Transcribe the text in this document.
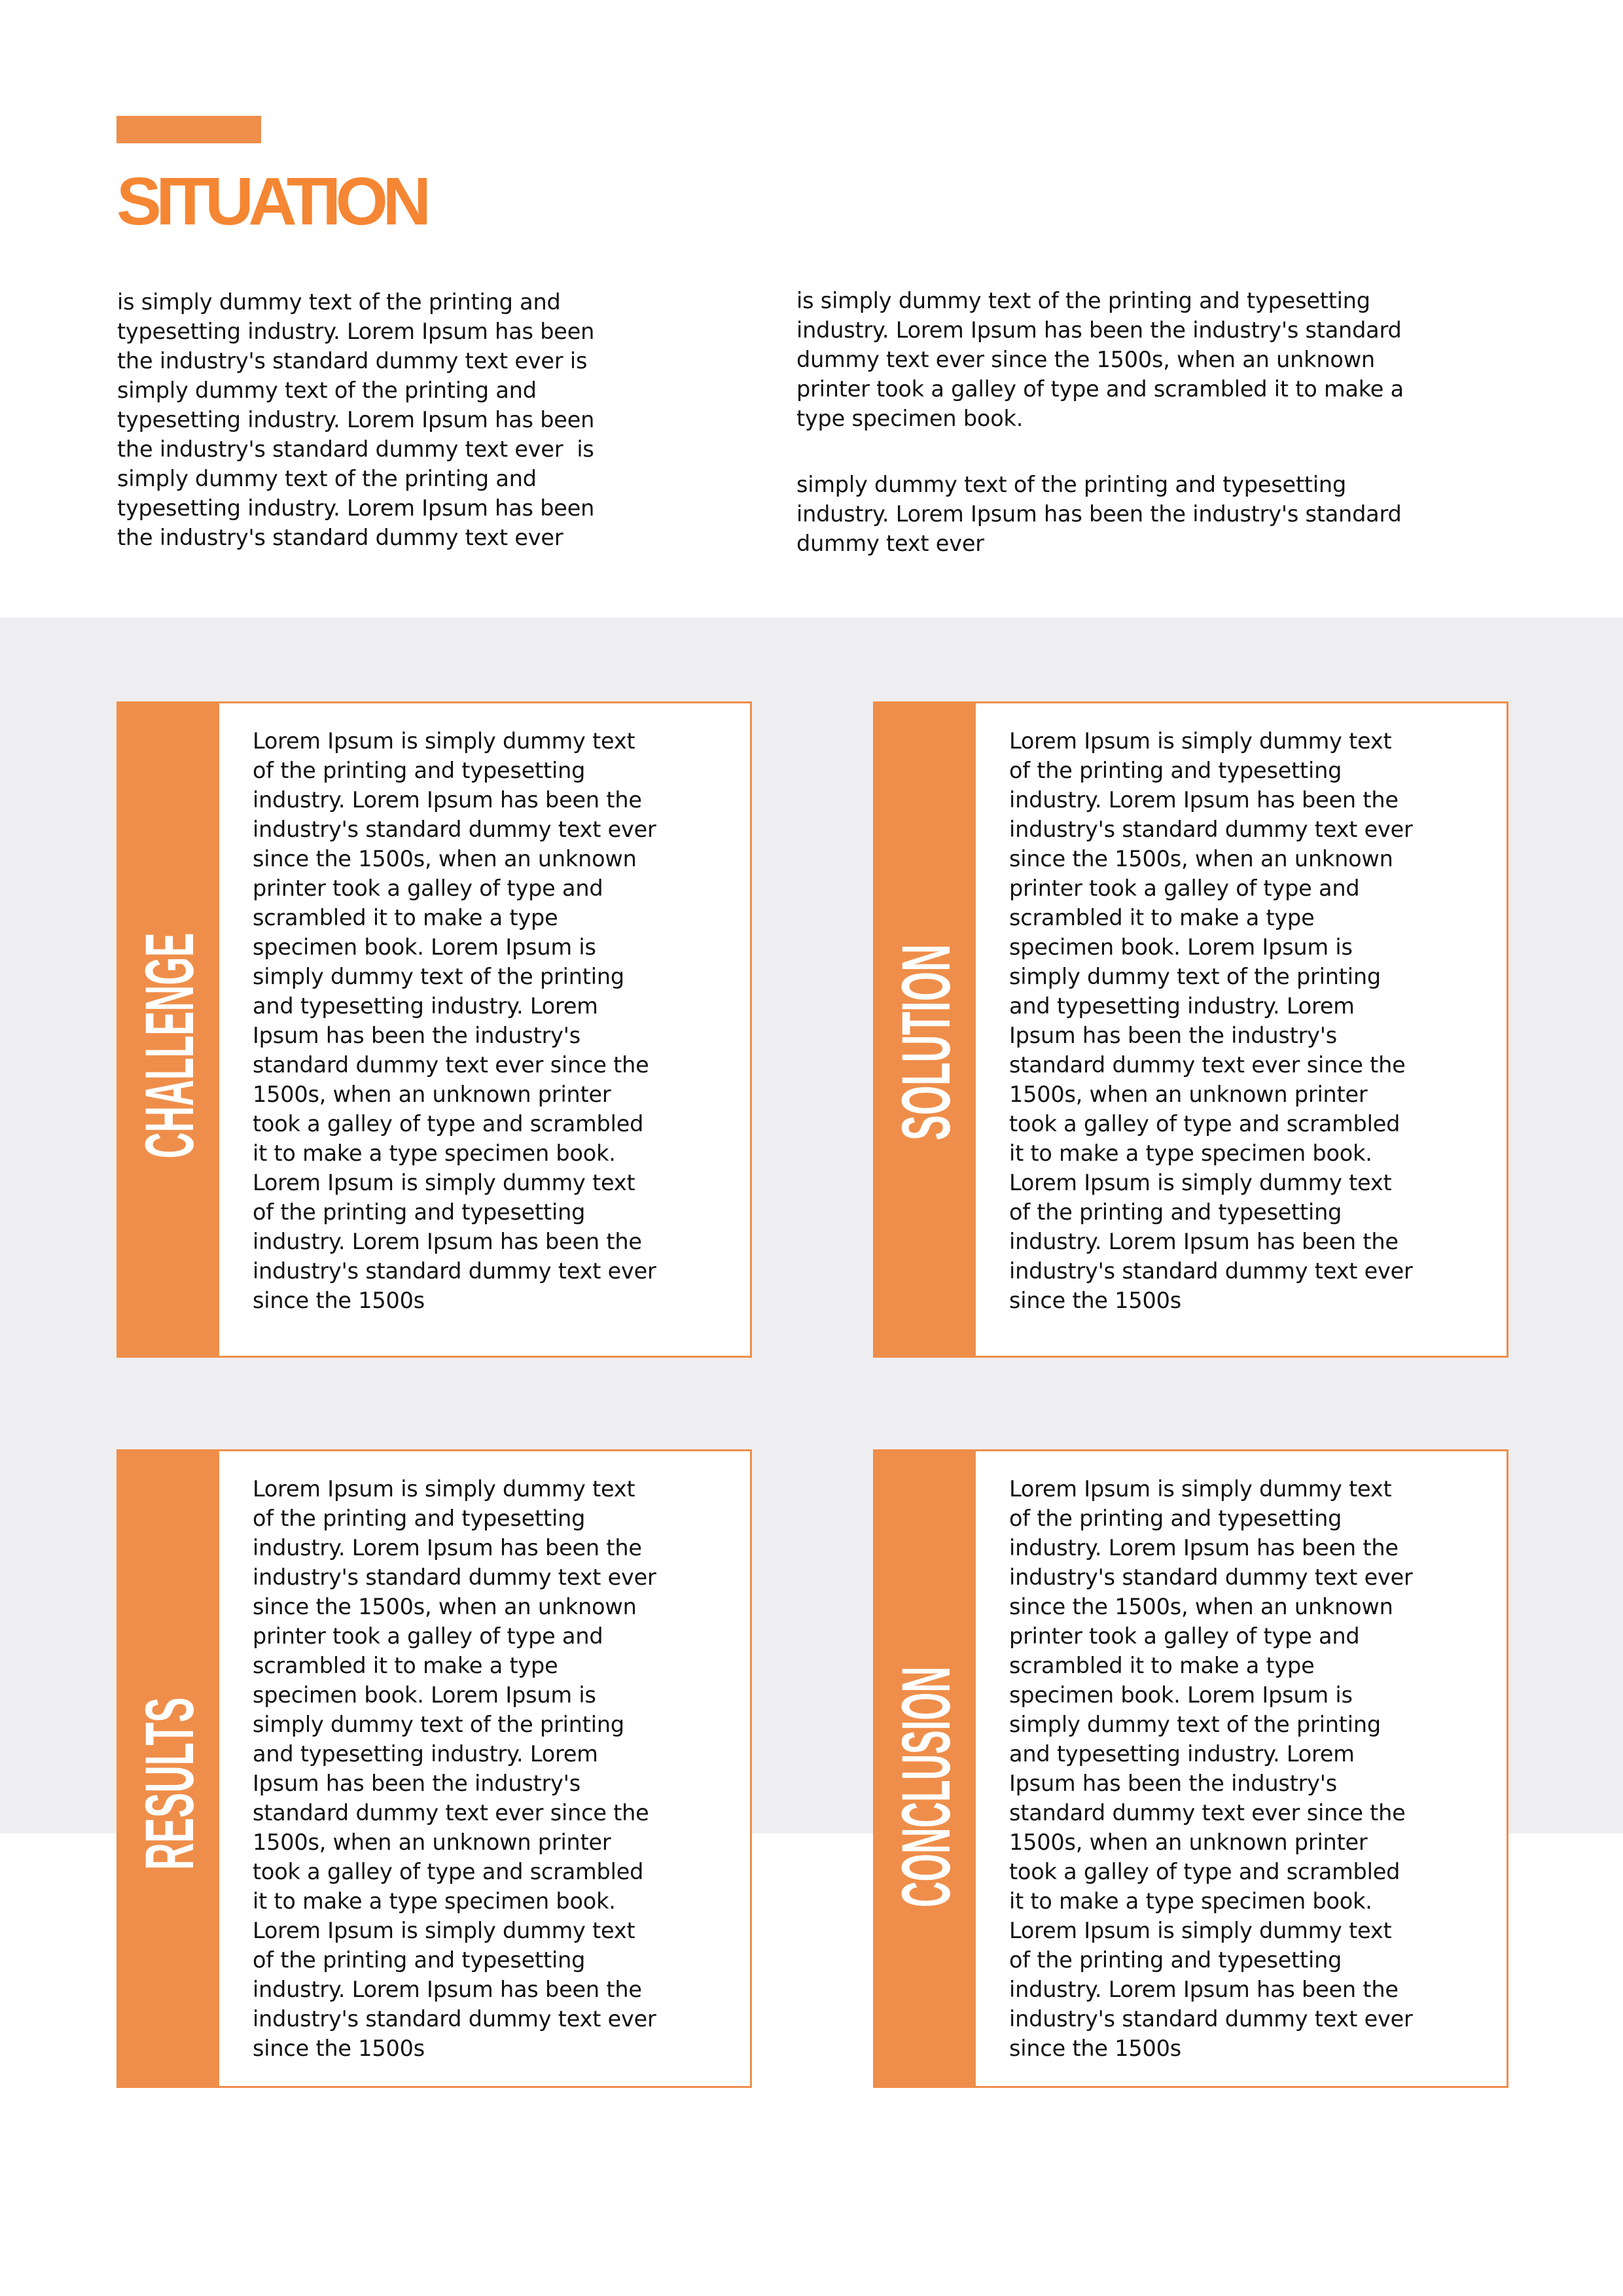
SITUATION
is simply dummy text of the printing and
typesetting industry. Lorem Ipsum has been
the industry's standard dummy text ever is
simply dummy text of the printing and
typesetting industry. Lorem Ipsum has been
the industry's standard dummy text ever  is
simply dummy text of the printing and
typesetting industry. Lorem Ipsum has been
the industry's standard dummy text ever
is simply dummy text of the printing and typesetting
industry. Lorem Ipsum has been the industry's standard
dummy text ever since the 1500s, when an unknown
printer took a galley of type and scrambled it to make a
type specimen book.
simply dummy text of the printing and typesetting
industry. Lorem Ipsum has been the industry's standard
dummy text ever
CHALLENGE Lorem Ipsum is simply dummy text
of the printing and typesetting
industry. Lorem Ipsum has been the
industry's standard dummy text ever
since the 1500s, when an unknown
printer took a galley of type and
scrambled it to make a type
specimen book. Lorem Ipsum is
simply dummy text of the printing
and typesetting industry. Lorem
Ipsum has been the industry's
standard dummy text ever since the
1500s, when an unknown printer
took a galley of type and scrambled
it to make a type specimen book.
Lorem Ipsum is simply dummy text
of the printing and typesetting
industry. Lorem Ipsum has been the
industry's standard dummy text ever
since the 1500s
SOLUTION
Lorem Ipsum is simply dummy text
of the printing and typesetting
industry. Lorem Ipsum has been the
industry's standard dummy text ever
since the 1500s, when an unknown
printer took a galley of type and
scrambled it to make a type
specimen book. Lorem Ipsum is
simply dummy text of the printing
and typesetting industry. Lorem
Ipsum has been the industry's
standard dummy text ever since the
1500s, when an unknown printer
took a galley of type and scrambled
it to make a type specimen book.
Lorem Ipsum is simply dummy text
of the printing and typesetting
industry. Lorem Ipsum has been the
industry's standard dummy text ever
since the 1500s
RESULTS
Lorem Ipsum is simply dummy text
of the printing and typesetting
industry. Lorem Ipsum has been the
industry's standard dummy text ever
since the 1500s, when an unknown
printer took a galley of type and
scrambled it to make a type
specimen book. Lorem Ipsum is
simply dummy text of the printing
and typesetting industry. Lorem
Ipsum has been the industry's
standard dummy text ever since the
1500s, when an unknown printer
took a galley of type and scrambled
it to make a type specimen book.
Lorem Ipsum is simply dummy text
of the printing and typesetting
industry. Lorem Ipsum has been the
industry's standard dummy text ever
since the 1500s
CONCLUSION Lorem Ipsum is simply dummy text
of the printing and typesetting
industry. Lorem Ipsum has been the
industry's standard dummy text ever
since the 1500s, when an unknown
printer took a galley of type and
scrambled it to make a type
specimen book. Lorem Ipsum is
simply dummy text of the printing
and typesetting industry. Lorem
Ipsum has been the industry's
standard dummy text ever since the
1500s, when an unknown printer
took a galley of type and scrambled
it to make a type specimen book.
Lorem Ipsum is simply dummy text
of the printing and typesetting
industry. Lorem Ipsum has been the
industry's standard dummy text ever
since the 1500s
